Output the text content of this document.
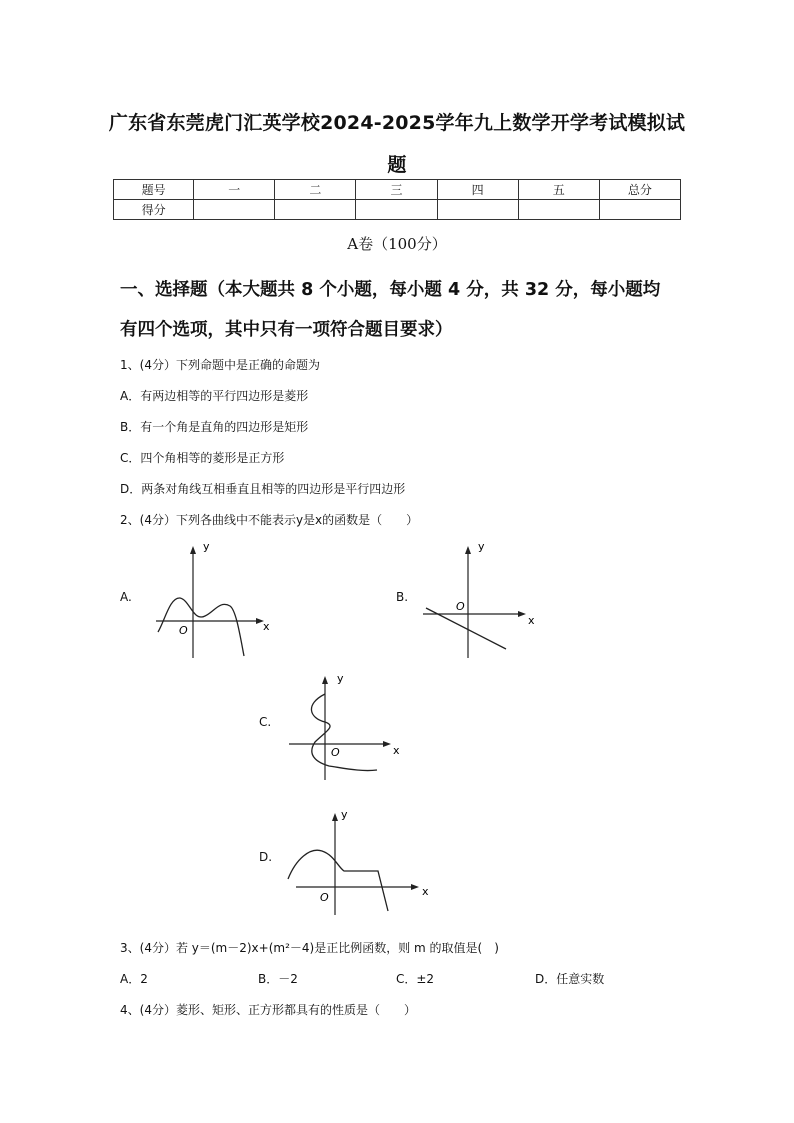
广东省东莞虎门汇英学校2024-2025学年九上数学开学考试模拟试
题
题号	一	二	三	四	五	总分
得分						
A卷（100分）
一、选择题（本大题共 8 个小题，每小题 4 分，共 32 分，每小题均
有四个选项，其中只有一项符合题目要求）
1、(4分）下列命题中是正确的命题为
A．有两边相等的平行四边形是菱形
B．有一个角是直角的四边形是矩形
C．四个角相等的菱形是正方形
D．两条对角线互相垂直且相等的四边形是平行四边形
2、(4分）下列各曲线中不能表示y是x的函数是（　　）
A.
y
x
O
B.
y
x
O
C.
y
x
O
D.
y
x
O
3、(4分）若 y＝(m－2)x+(m²－4)是正比例函数，则 m 的取值是(　)
A．2	B．－2	C．±2	D．任意实数
4、(4分）菱形、矩形、正方形都具有的性质是（　　）
